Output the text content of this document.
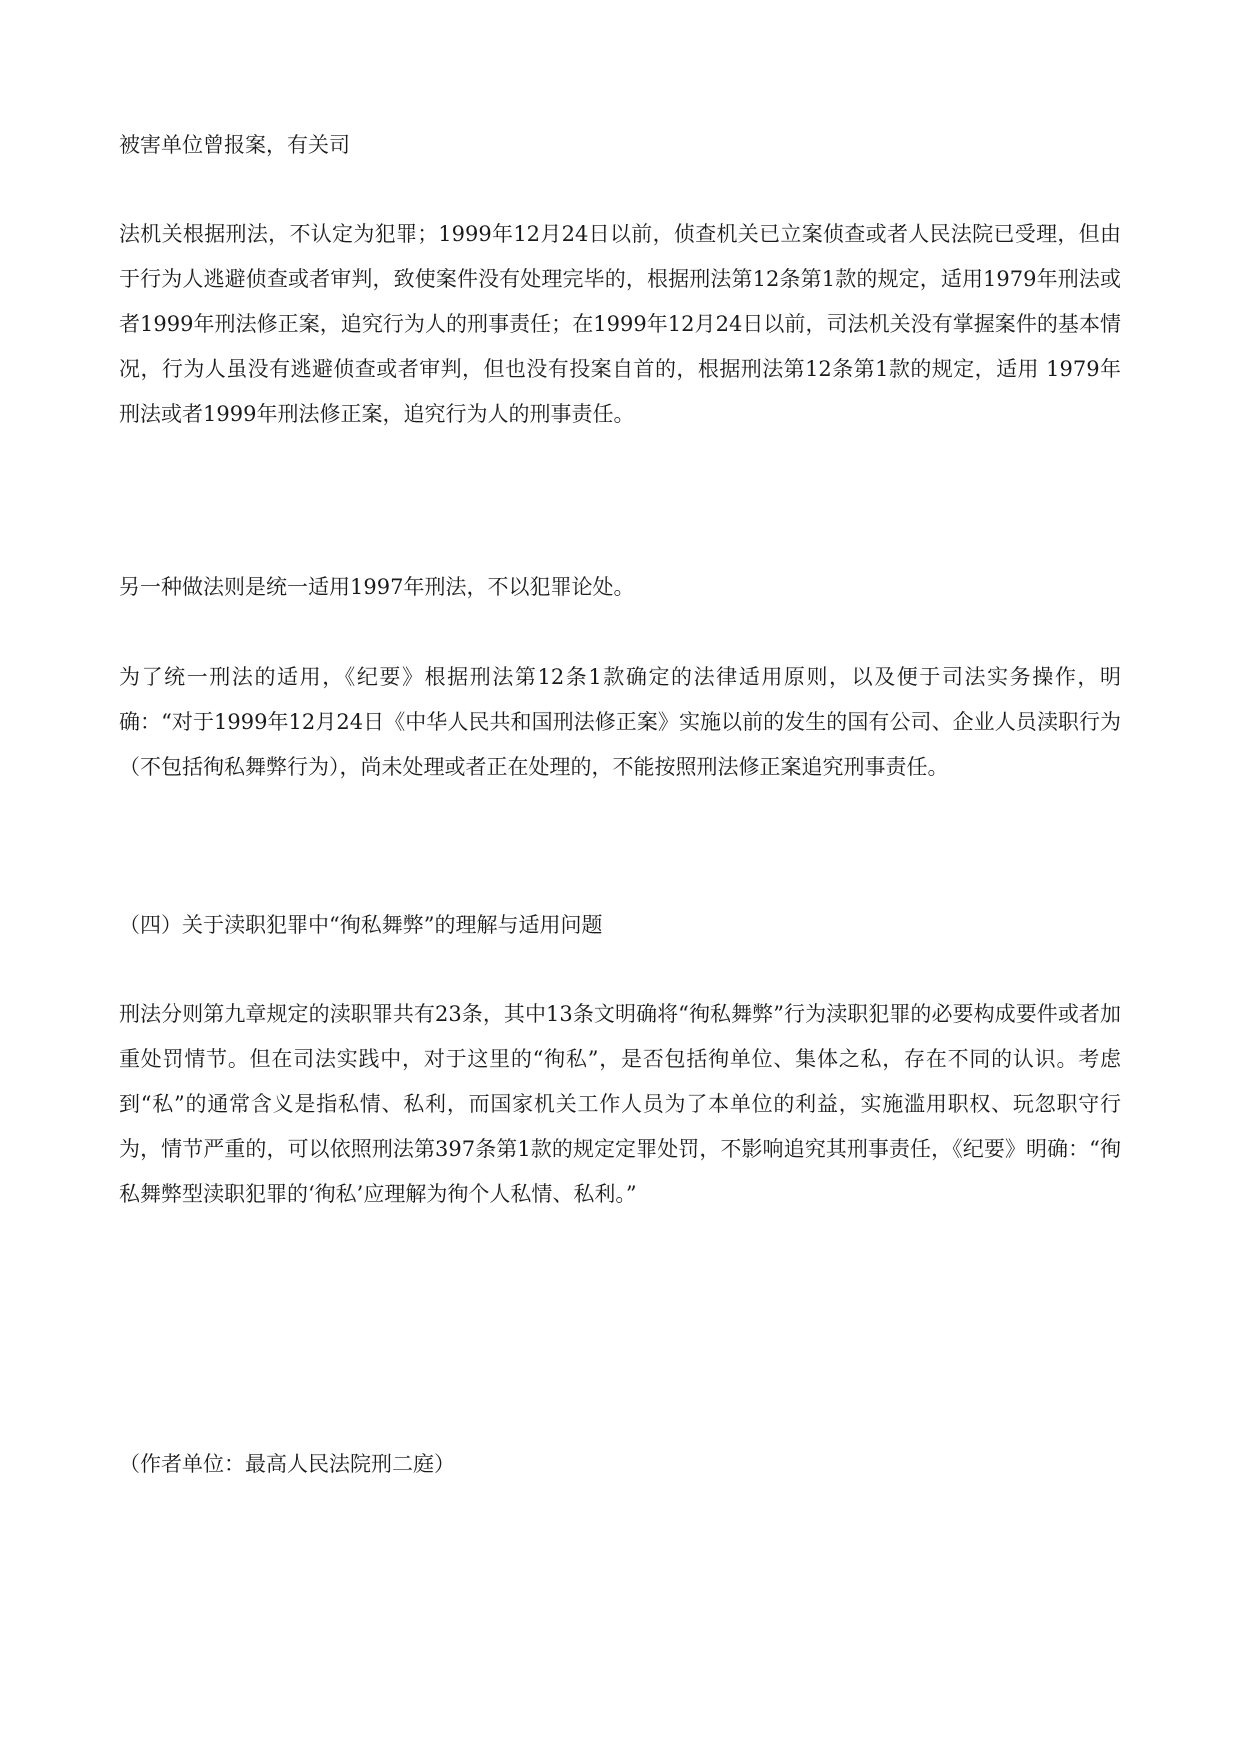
被害单位曾报案，有关司

法机关根据刑法，不认定为犯罪；1999年12月24日以前，侦查机关已立案侦查或者人民法院已受理，但由于行为人逃避侦查或者审判，致使案件没有处理完毕的，根据刑法第12条第1款的规定，适用1979年刑法或者1999年刑法修正案，追究行为人的刑事责任；在1999年12月24日以前，司法机关没有掌握案件的基本情况，行为人虽没有逃避侦查或者审判，但也没有投案自首的，根据刑法第12条第1款的规定，适用 1979年刑法或者1999年刑法修正案，追究行为人的刑事责任。

另一种做法则是统一适用1997年刑法，不以犯罪论处。

为了统一刑法的适用，《纪要》根据刑法第12条1款确定的法律适用原则，以及便于司法实务操作，明确：“对于1999年12月24日《中华人民共和国刑法修正案》实施以前的发生的国有公司、企业人员渎职行为（不包括徇私舞弊行为），尚未处理或者正在处理的，不能按照刑法修正案追究刑事责任。

（四）关于渎职犯罪中“徇私舞弊”的理解与适用问题

刑法分则第九章规定的渎职罪共有23条，其中13条文明确将“徇私舞弊”行为渎职犯罪的必要构成要件或者加重处罚情节。但在司法实践中，对于这里的“徇私”，是否包括徇单位、集体之私，存在不同的认识。考虑到“私”的通常含义是指私情、私利，而国家机关工作人员为了本单位的利益，实施滥用职权、玩忽职守行为，情节严重的，可以依照刑法第397条第1款的规定定罪处罚，不影响追究其刑事责任，《纪要》明确：“徇私舞弊型渎职犯罪的‘徇私’应理解为徇个人私情、私利。”

（作者单位：最高人民法院刑二庭）
